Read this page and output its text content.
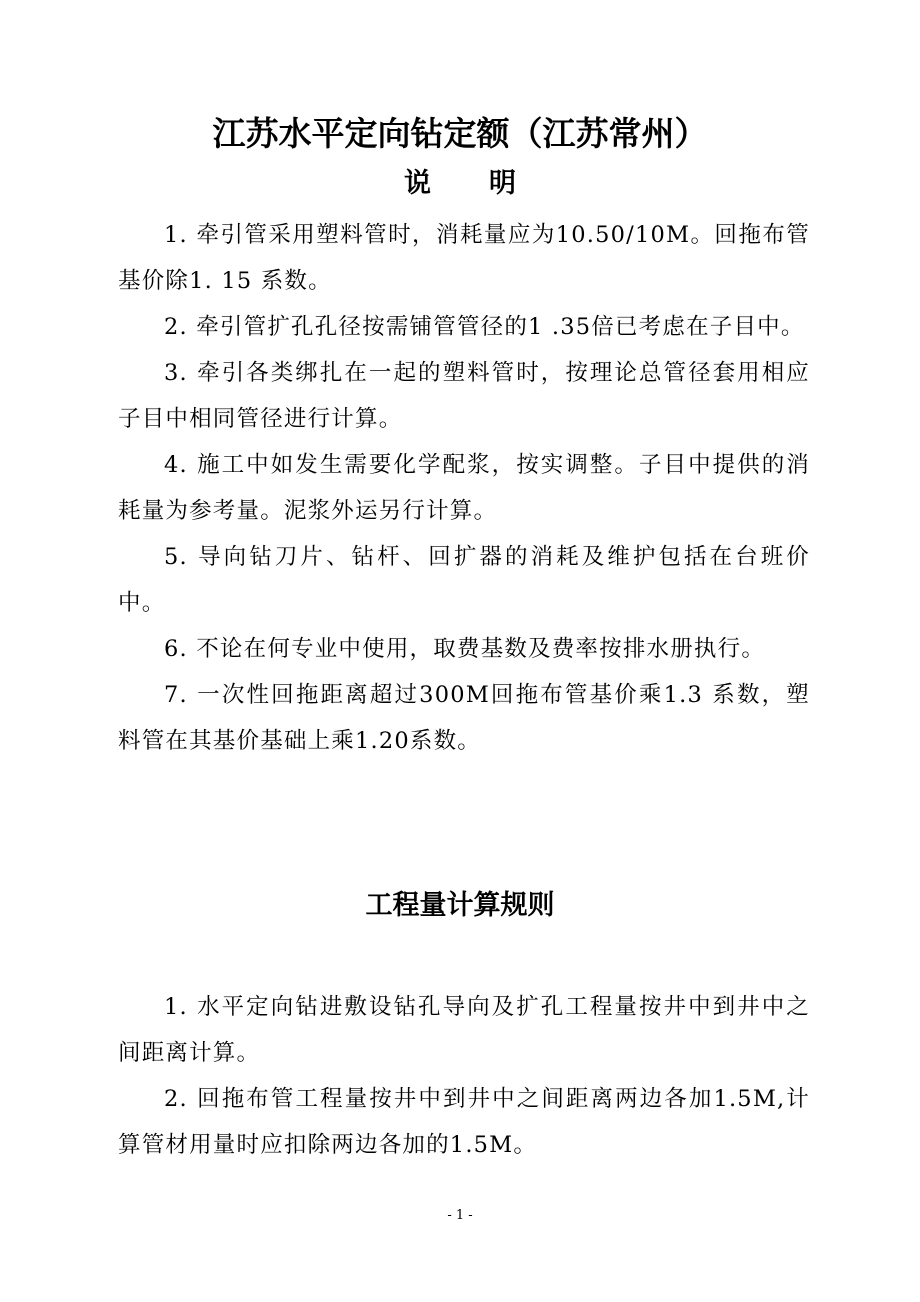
江苏水平定向钻定额（江苏常州）
说明

1. 牵引管采用塑料管时，消耗量应为10.50/10M。回拖布管基价除1. 15 系数。

2. 牵引管扩孔孔径按需铺管管径的1 .35倍已考虑在子目中。

3. 牵引各类绑扎在一起的塑料管时，按理论总管径套用相应子目中相同管径进行计算。

4. 施工中如发生需要化学配浆，按实调整。子目中提供的消耗量为参考量。泥浆外运另行计算。

5. 导向钻刀片、钻杆、回扩器的消耗及维护包括在台班价中。

6. 不论在何专业中使用，取费基数及费率按排水册执行。

7. 一次性回拖距离超过300M回拖布管基价乘1.3 系数，塑料管在其基价基础上乘1.20系数。

工程量计算规则

1. 水平定向钻进敷设钻孔导向及扩孔工程量按井中到井中之间距离计算。

2. 回拖布管工程量按井中到井中之间距离两边各加1.5M,计算管材用量时应扣除两边各加的1.5M。

- 1 -
